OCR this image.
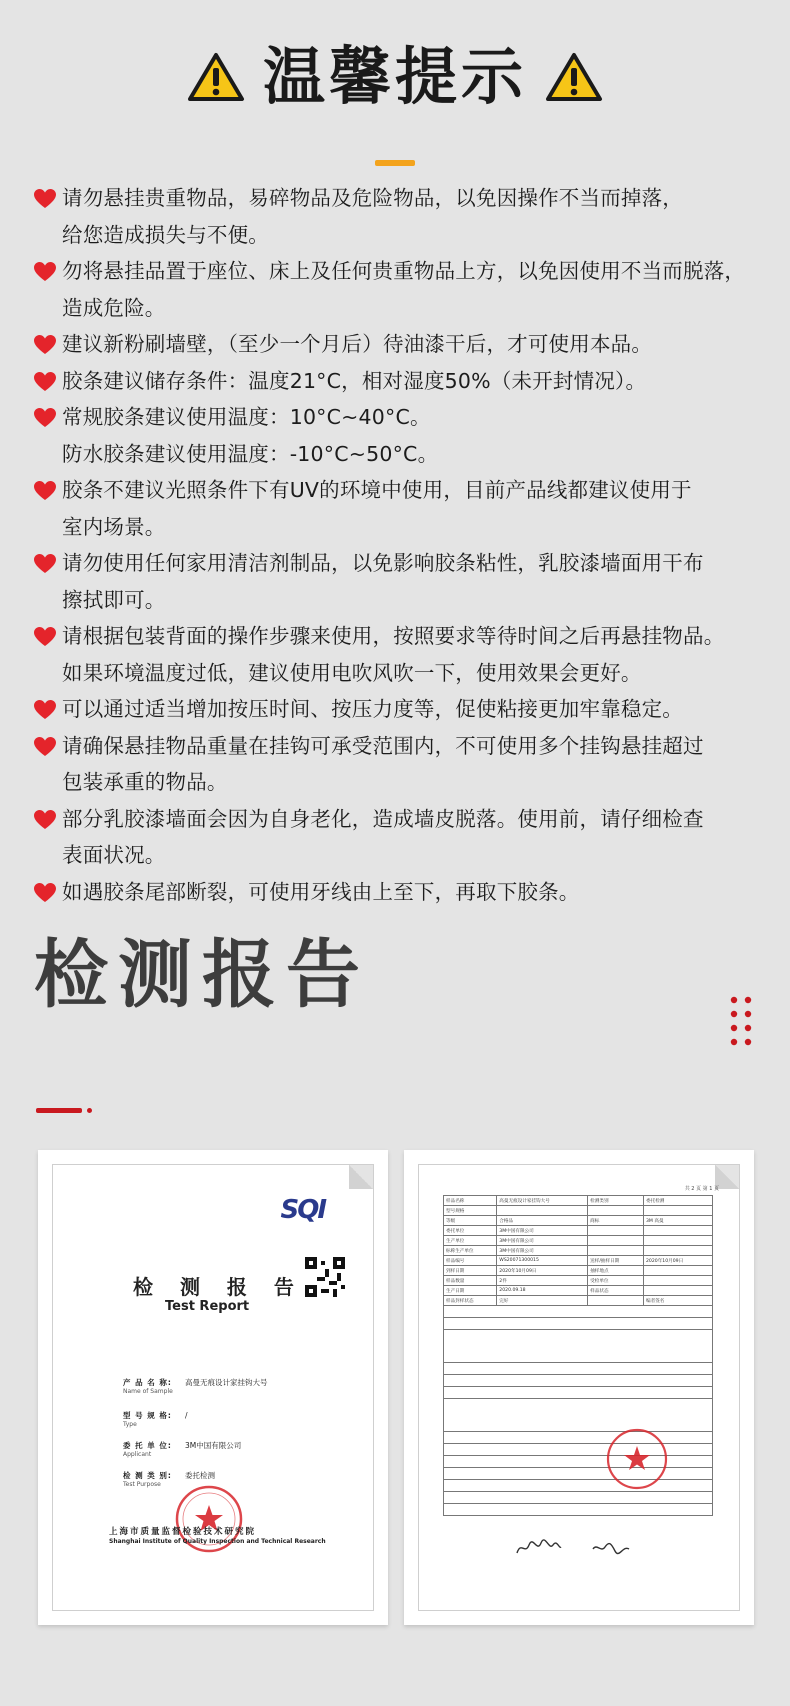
温馨提示
请勿悬挂贵重物品，易碎物品及危险物品，以免因操作不当而掉落，
给您造成损失与不便。
勿将悬挂品置于座位、床上及任何贵重物品上方，以免因使用不当而脱落，
造成危险。
建议新粉刷墙壁，（至少一个月后）待油漆干后，才可使用本品。
胶条建议储存条件：温度21°C，相对湿度50%（未开封情况）。
常规胶条建议使用温度：10°C~40°C。
防水胶条建议使用温度：-10°C~50°C。
胶条不建议光照条件下有UV的环境中使用，目前产品线都建议使用于
室内场景。
请勿使用任何家用清洁剂制品，以免影响胶条粘性，乳胶漆墙面用干布
擦拭即可。
请根据包装背面的操作步骤来使用，按照要求等待时间之后再悬挂物品。
如果环境温度过低，建议使用电吹风吹一下，使用效果会更好。
可以通过适当增加按压时间、按压力度等，促使粘接更加牢靠稳定。
请确保悬挂物品重量在挂钩可承受范围内，不可使用多个挂钩悬挂超过
包装承重的物品。
部分乳胶漆墙面会因为自身老化，造成墙皮脱落。使用前，请仔细检查
表面状况。
如遇胶条尾部断裂，可使用牙线由上至下，再取下胶条。
检测报告
SQI
检 测 报 告
Test Report
产 品 名 称: 高曼无痕设计家挂钩大号
Name of Sample
型 号 规 格: /
Type
委 托 单 位: 3M中国有限公司
Applicant
检 测 类 别: 委托检测
Test Purpose
上海市质量监督检验技术研究院
Shanghai Institute of Quality Inspection and Technical Research
共 2 页 第 1 页
样品名称	高曼无痕设计家挂钩大号	检测类别	委托检测
型号规格			
等级	合格品	商标	3M 高曼
委托单位	3M中国有限公司		
生产单位	3M中国有限公司		
标称生产单位	3M中国有限公司		
样品编号	WS20071300015	送样/抽样日期	2020年10月09日
到样日期	2020年10月09日	抽样地点	
样品数量	2件	受检单位	
生产日期	2020.09.18	样品状态	
样品封样状态	完好		编者签名
